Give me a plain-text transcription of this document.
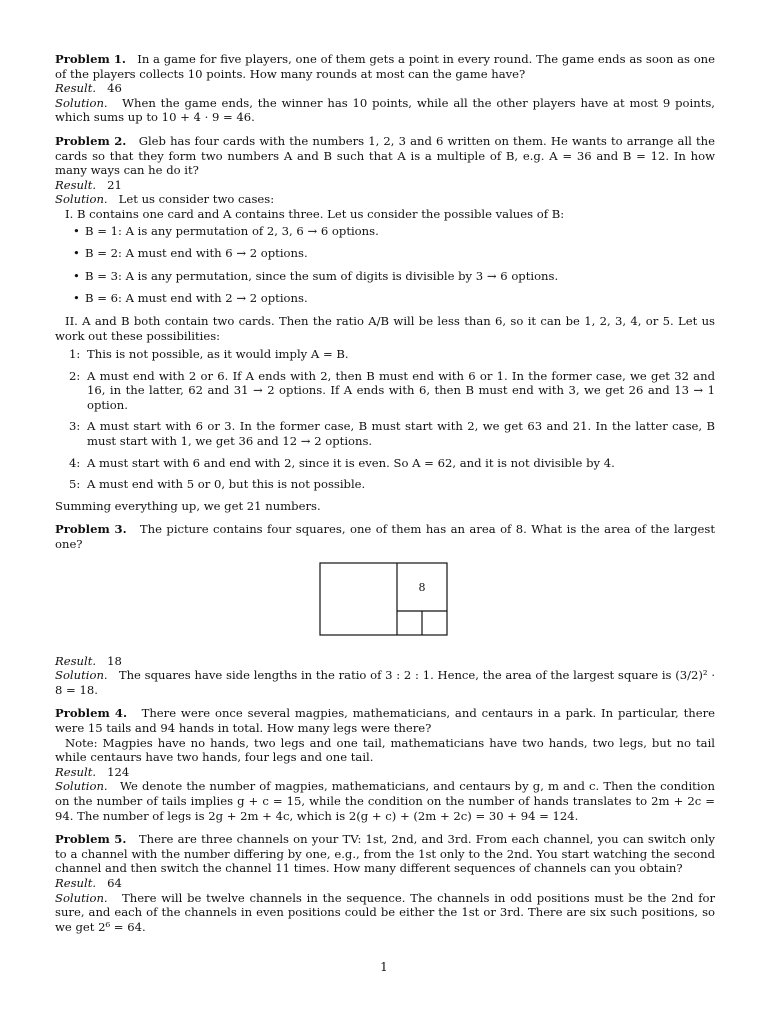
Problem 1. In a game for five players, one of them gets a point in every round. The game ends as soon as one of the players collects 10 points. How many rounds at most can the game have?

Result. 46

Solution. When the game ends, the winner has 10 points, while all the other players have at most 9 points, which sums up to 10 + 4 · 9 = 46.

Problem 2. Gleb has four cards with the numbers 1, 2, 3 and 6 written on them. He wants to arrange all the cards so that they form two numbers A and B such that A is a multiple of B, e.g. A = 36 and B = 12. In how many ways can he do it?

Result. 21

Solution. Let us consider two cases:

I. B contains one card and A contains three. Let us consider the possible values of B:

• B = 1: A is any permutation of 2, 3, 6 → 6 options.
• B = 2: A must end with 6 → 2 options.
• B = 3: A is any permutation, since the sum of digits is divisible by 3 → 6 options.
• B = 6: A must end with 2 → 2 options.

II. A and B both contain two cards. Then the ratio A/B will be less than 6, so it can be 1, 2, 3, 4, or 5. Let us work out these possibilities:

1: This is not possible, as it would imply A = B.
2: A must end with 2 or 6. If A ends with 2, then B must end with 6 or 1. In the former case, we get 32 and 16, in the latter, 62 and 31 → 2 options. If A ends with 6, then B must end with 3, we get 26 and 13 → 1 option.
3: A must start with 6 or 3. In the former case, B must start with 2, we get 63 and 21. In the latter case, B must start with 1, we get 36 and 12 → 2 options.
4: A must start with 6 and end with 2, since it is even. So A = 62, and it is not divisible by 4.
5: A must end with 5 or 0, but this is not possible.

Summing everything up, we get 21 numbers.

Problem 3. The picture contains four squares, one of them has an area of 8. What is the area of the largest one?

8

Result. 18

Solution. The squares have side lengths in the ratio of 3 : 2 : 1. Hence, the area of the largest square is (3/2)² · 8 = 18.

Problem 4. There were once several magpies, mathematicians, and centaurs in a park. In particular, there were 15 tails and 94 hands in total. How many legs were there?

Note: Magpies have no hands, two legs and one tail, mathematicians have two hands, two legs, but no tail while centaurs have two hands, four legs and one tail.

Result. 124

Solution. We denote the number of magpies, mathematicians, and centaurs by g, m and c. Then the condition on the number of tails implies g + c = 15, while the condition on the number of hands translates to 2m + 2c = 94. The number of legs is 2g + 2m + 4c, which is 2(g + c) + (2m + 2c) = 30 + 94 = 124.

Problem 5. There are three channels on your TV: 1st, 2nd, and 3rd. From each channel, you can switch only to a channel with the number differing by one, e.g., from the 1st only to the 2nd. You start watching the second channel and then switch the channel 11 times. How many different sequences of channels can you obtain?

Result. 64

Solution. There will be twelve channels in the sequence. The channels in odd positions must be the 2nd for sure, and each of the channels in even positions could be either the 1st or 3rd. There are six such positions, so we get 2⁶ = 64.

1
